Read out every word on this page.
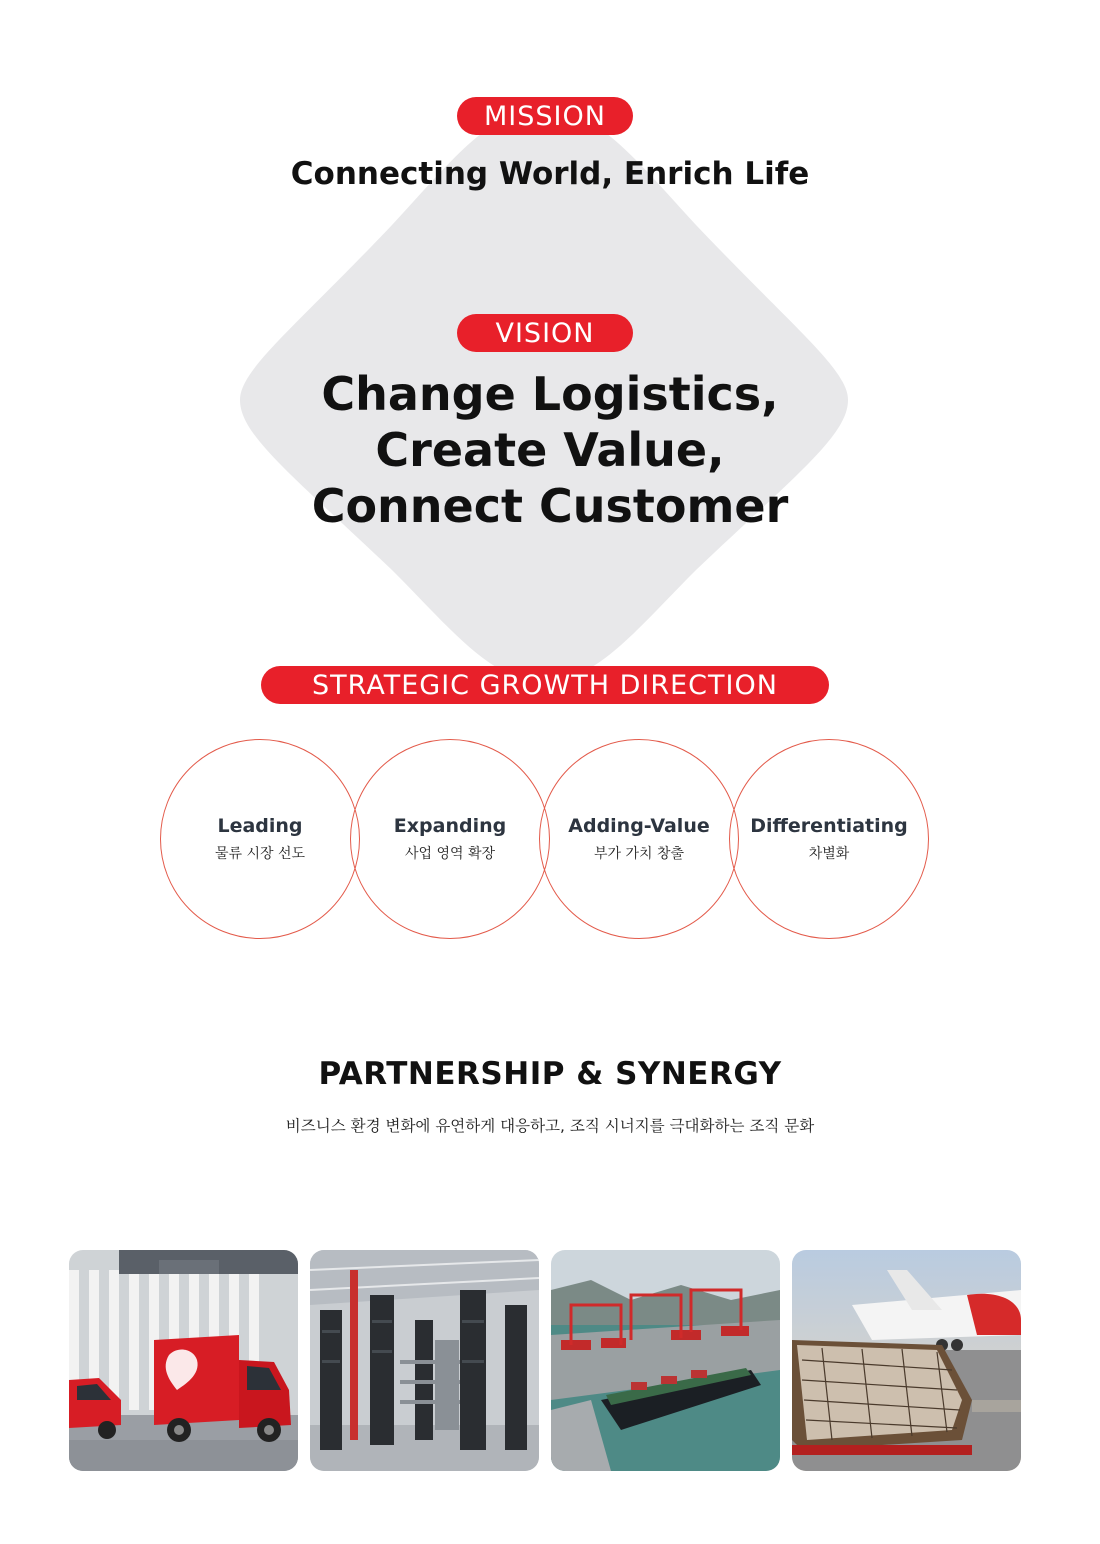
MISSION
Connecting World, Enrich Life
VISION
Change Logistics,
Create Value,
Connect Customer
STRATEGIC GROWTH DIRECTION
Leading
물류 시장 선도
Expanding
사업 영역 확장
Adding-Value
부가 가치 창출
Differentiating
차별화
PARTNERSHIP & SYNERGY
비즈니스 환경 변화에 유연하게 대응하고, 조직 시너지를 극대화하는 조직 문화
